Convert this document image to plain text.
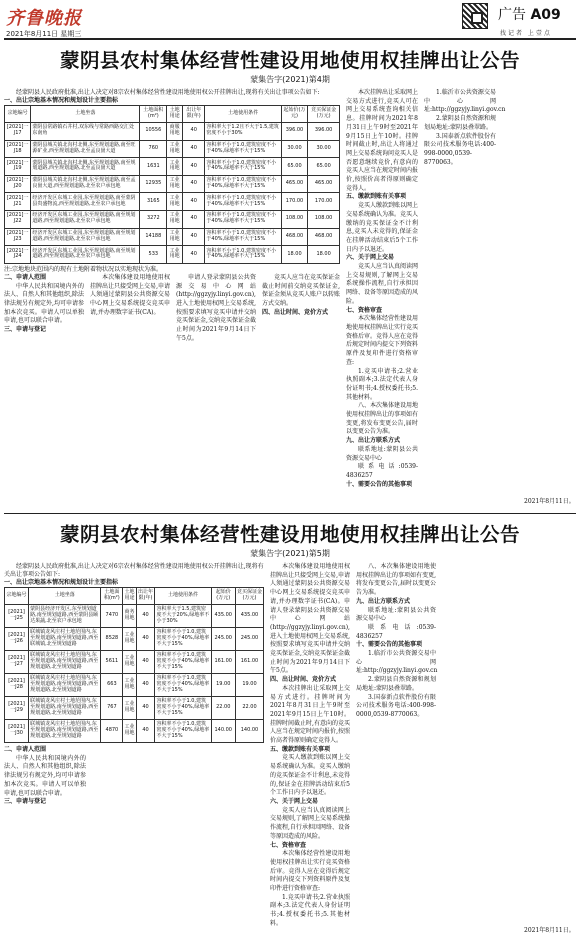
齐鲁晚报
2021年8月11日 星期三
广告 A09
找记者 上壹点
蒙阴县农村集体经营性建设用地使用权挂牌出让公告
蒙集告字(2021)第4期
经蒙阴县人民政府批准,出让人决定对8宗农村集体经营性建设用地使用权公开挂牌出让,现将有关出让事项公告如下:
一、出让宗地基本情况和规划设计主要指标
宗地编号	土地坐落	土地面积(m²)	土地用途	出让年限(年)	土地使用条件	起始价(万元)	竞买保证金(万元)
[2021]一J17	蒙阴县常路镇石井村,双东线与常路西路交汇处东南角	10556	商服用地	40	容积率大于1.2且不大于1.5,建筑密度不小于30%	396.00	396.00
[2021]一J18	蒙阴县城关镇北沟村北侧,东至规划道路,南至旺源矿业,西至规划道路,北至孟良崮大道	760	工业用地	40	容积率不小于1.0,建筑密度不小于40%,绿地率不大于15%	30.00	30.00
[2021]一J19	蒙阴县城关镇北沟村北侧,东至规划道路,南至规划道路,西至规划道路,北至孟良崮大道	1631	工业用地	40	容积率不小于1.0,建筑密度不小于40%,绿地率不大于15%	65.00	65.00
[2021]一J20	蒙阴县城关镇北沟村北侧,东至规划道路,南至孟良崮大道,西至规划道路,北至农户承包地	12935	工业用地	40	容积率不小于1.0,建筑密度不小于40%,绿地率不大于15%	465.00	465.00
[2021]一J21	经济开发区东城工业园,东至规划道路,南至蒙阴县贵盛物流,西至规划道路,北至农户承包地	3165	工业用地	40	容积率不小于1.0,建筑密度不小于40%,绿地率不大于15%	170.00	170.00
[2021]一J22	经济开发区东城工业园,东至规划道路,南至规划道路,西至规划道路,北至农户承包地	3272	工业用地	40	容积率不小于1.0,建筑密度不小于40%,绿地率不大于15%	108.00	108.00
[2021]一J23	经济开发区东城工业园,东至规划道路,南至规划道路,西至规划道路,北至农户承包地	14188	工业用地	40	容积率不小于1.0,建筑密度不小于40%,绿地率不大于15%	468.00	468.00
[2021]一J24	经济开发区东城工业园,东至规划道路,南至规划道路,西至规划道路,北至农户承包地	533	工业用地	40	容积率不小于1.0,建筑密度不小于40%,绿地率不大于15%	18.00	18.00
注:宗地地块范围内的现有土地附着物状况以实地现状为准。
二、申请人范围
中华人民共和国境内外的法人、自然人和其他组织,除法律法规另有规定外,均可申请参加本次竞买。申请人可以单独申请,也可以联合申请。
三、申请与登记
本次集体建设用地使用权挂牌出让只接受网上交易,申请人须通过蒙阴县公共资源交易中心网上交易系统提交竞买申请,并办理数字证书(CA)。
申请人登录蒙阴县公共资源交易中心网站(http://ggzyjy.linyi.gov.cn),进入土地使用权网上交易系统,按照要求填写竞买申请并交纳竞买保证金,交纳竞买保证金截止时间为2021年9月14日下午5点。
竞买人应当在竞买保证金截止时间前交纳竞买保证金,保证金须从竞买人账户以转账方式交纳。
四、出让时间、竞价方式
本次挂牌出让采取网上交易方式进行,竞买人可在网上交易系统查询相关信息。挂牌时间为2021年8月31日上午9时至2021年9月15日上午10时。挂牌时间截止时,出让人将通过网上交易系统询问竞买人是否愿意继续竞价,有意向的竞买人应当在规定时间内报价,按照价高者得原则确定竞得人。
五、缴款到账有关事项
竞买人缴款到账以网上交易系统确认为准。竞买人缴纳的竞买保证金不计利息,竞买人未竞得的,保证金在挂牌活动结束后5个工作日内予以退还。
六、关于网上交易
竞买人应当认真阅读网上交易规则,了解网上交易系统操作流程,自行承担因网络、设备等原因造成的风险。
七、资格审查
本次集体经营性建设用地使用权挂牌出让实行竞买资格后审。竞得人应在竞得后规定时间内提交下列资料原件及复印件进行资格审查:
1.竞买申请书;2.营业执照副本;3.法定代表人身份证明书;4.授权委托书;5.其他材料。
八、本次集体建设用地使用权挂牌出让的事项如有变更,将发布变更公告,届时以变更公告为准。
九、出让方联系方式
联系地址:蒙阴县公共资源交易中心
联系电话:0539-4836257
十、需要公告的其他事项
1.临沂市公共资源交易中心网址:http://ggzyjy.linyi.gov.cn
2.蒙阴县自然资源和规划局地址:蒙阴县叠翠路。
3.国泰新点软件股份有限公司技术服务电话:400-998-0000,0539-8770063。
2021年8月11日。
蒙阴县农村集体经营性建设用地使用权挂牌出让公告
蒙集告字(2021)第5期
经蒙阴县人民政府批准,出让人决定对6宗农村集体经营性建设用地使用权公开挂牌出让,现将有关出让事项公告如下:
一、出让宗地基本情况和规划设计主要指标
宗地编号	土地坐落	土地面积(m²)	土地用途	出让年限(年)	土地使用条件	起始价(万元)	竞买保证金(万元)
[2021]一J25	蒙阴县经济开发区,东至规划道路,南至规划道路,西至蒙阴县颐达果蔬,北至农户承包地	7470	商务用地	40	容积率大于1.5,建筑密度不大于20%,绿地率不小于30%	435.00	435.00
[2021]一J26	联城镇龙风庄村土地范围内,东至规划道路,南至规划道路,西至联城镇,北至规划道路	8528	工业用地	40	容积率不小于1.0,建筑密度不小于40%,绿地率不大于15%	245.00	245.00
[2021]一J27	联城镇龙风庄村土地范围内,东至规划道路,南至规划道路,西至规划道路,北至规划道路	5611	工业用地	40	容积率不小于1.0,建筑密度不小于40%,绿地率不大于15%	161.00	161.00
[2021]一J28	联城镇龙风庄村土地范围内,东至规划道路,南至规划道路,西至规划道路,北至规划道路	663	工业用地	40	容积率不小于1.0,建筑密度不小于40%,绿地率不大于15%	19.00	19.00
[2021]一J29	联城镇龙风庄村土地范围内,东至规划道路,南至规划道路,西至规划道路,北至规划道路	767	工业用地	40	容积率不小于1.0,建筑密度不小于40%,绿地率不大于15%	22.00	22.00
[2021]一J30	联城镇龙风庄村土地范围内,东至规划道路,南至规划道路,西至规划道路,北至规划道路	4870	工业用地	40	容积率不小于1.0,建筑密度不小于40%,绿地率不大于15%	140.00	140.00
二、申请人范围
中华人民共和国境内外的法人、自然人和其他组织,除法律法规另有规定外,均可申请参加本次竞买。申请人可以单独申请,也可以联合申请。
三、申请与登记
本次集体建设用地使用权挂牌出让只接受网上交易,申请人须通过蒙阴县公共资源交易中心网上交易系统提交竞买申请,并办理数字证书(CA)。申请人登录蒙阴县公共资源交易中心网站(http://ggzyjy.linyi.gov.cn),进入土地使用权网上交易系统,按照要求填写竞买申请并交纳竞买保证金,交纳竞买保证金截止时间为2021年9月14日下午5点。
四、出让时间、竞价方式
本次挂牌出让采取网上交易方式进行。挂牌时间为2021年8月31日上午9时至2021年9月15日上午10时。挂牌时间截止时,有意向的竞买人应当在规定时间内报价,按照价高者得原则确定竞得人。
五、缴款到账有关事项
竞买人缴款到账以网上交易系统确认为准。竞买人缴纳的竞买保证金不计利息,未竞得的,保证金在挂牌活动结束后5个工作日内予以退还。
六、关于网上交易
竞买人应当认真阅读网上交易规则,了解网上交易系统操作流程,自行承担因网络、设备等原因造成的风险。
七、资格审查
本次集体经营性建设用地使用权挂牌出让实行竞买资格后审。竞得人应在竞得后规定时间内提交下列资料原件及复印件进行资格审查:
1.竞买申请书;2.营业执照副本;3.法定代表人身份证明书;4.授权委托书;5.其他材料。
八、本次集体建设用地使用权挂牌出让的事项如有变更,将发布变更公告,届时以变更公告为准。
九、出让方联系方式
联系地址:蒙阴县公共资源交易中心
联系电话:0539-4836257
十、需要公告的其他事项
1.临沂市公共资源交易中心网址:http://ggzyjy.linyi.gov.cn
2.蒙阴县自然资源和规划局地址:蒙阴县叠翠路。
3.国泰新点软件股份有限公司技术服务电话:400-998-0000,0539-8770063。
2021年8月11日。
